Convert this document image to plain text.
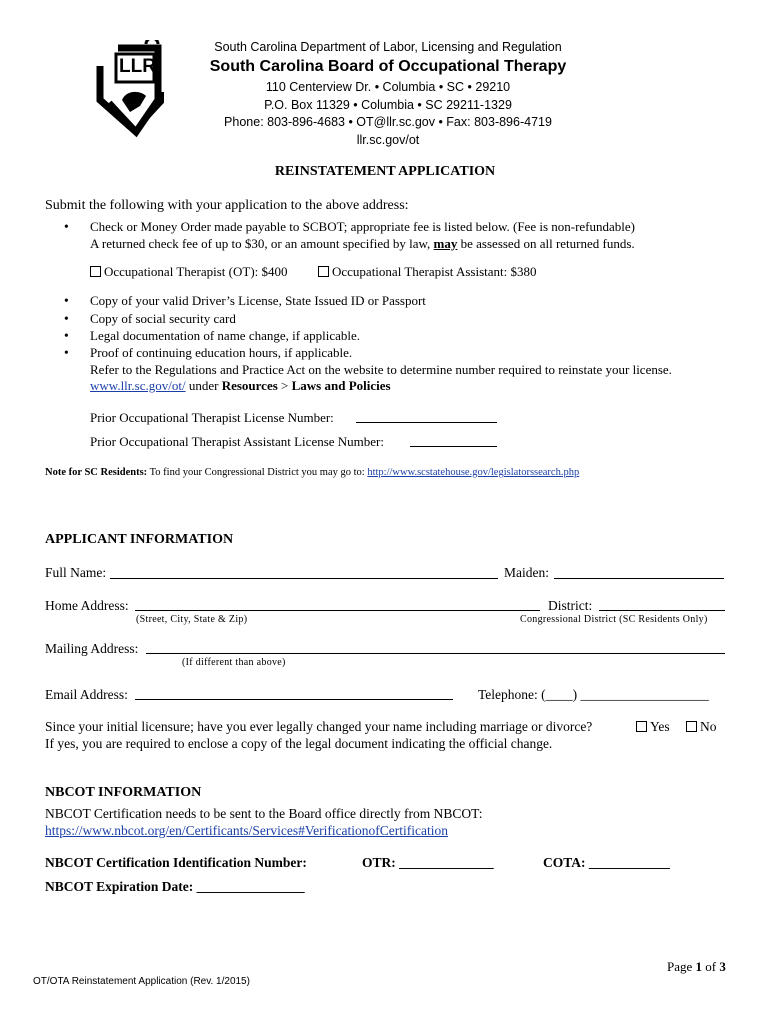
LLR
South Carolina Department of Labor, Licensing and Regulation
South Carolina Board of Occupational Therapy
110 Centerview Dr. • Columbia • SC • 29210
P.O. Box 11329 • Columbia • SC 29211-1329
Phone: 803-896-4683 • OT@llr.sc.gov • Fax: 803-896-4719
llr.sc.gov/ot
REINSTATEMENT APPLICATION
Submit the following with your application to the above address:
• Check or Money Order made payable to SCBOT; appropriate fee is listed below. (Fee is non-refundable)
A returned check fee of up to $30, or an amount specified by law, may be assessed on all returned funds.
Occupational Therapist (OT): $400	Occupational Therapist Assistant: $380
• Copy of your valid Driver’s License, State Issued ID or Passport
• Copy of social security card
• Legal documentation of name change, if applicable.
• Proof of continuing education hours, if applicable.
Refer to the Regulations and Practice Act on the website to determine number required to reinstate your license.
www.llr.sc.gov/ot/ under Resources > Laws and Policies
Prior Occupational Therapist License Number:
Prior Occupational Therapist Assistant License Number:
Note for SC Residents: To find your Congressional District you may go to: http://www.scstatehouse.gov/legislatorssearch.php
APPLICANT INFORMATION
Full Name:	Maiden:
Home Address:	District:
(Street, City, State & Zip)	Congressional District (SC Residents Only)
Mailing Address:
(If different than above)
Email Address:	Telephone: (____) ___________________
Since your initial licensure; have you ever legally changed your name including marriage or divorce?	Yes	No
If yes, you are required to enclose a copy of the legal document indicating the official change.
NBCOT INFORMATION
NBCOT Certification needs to be sent to the Board office directly from NBCOT:
https://www.nbcot.org/en/Certificants/Services#VerificationofCertification
NBCOT Certification Identification Number:	OTR: ______________	COTA: ____________
NBCOT Expiration Date: ________________
Page 1 of 3
OT/OTA Reinstatement Application (Rev. 1/2015)
